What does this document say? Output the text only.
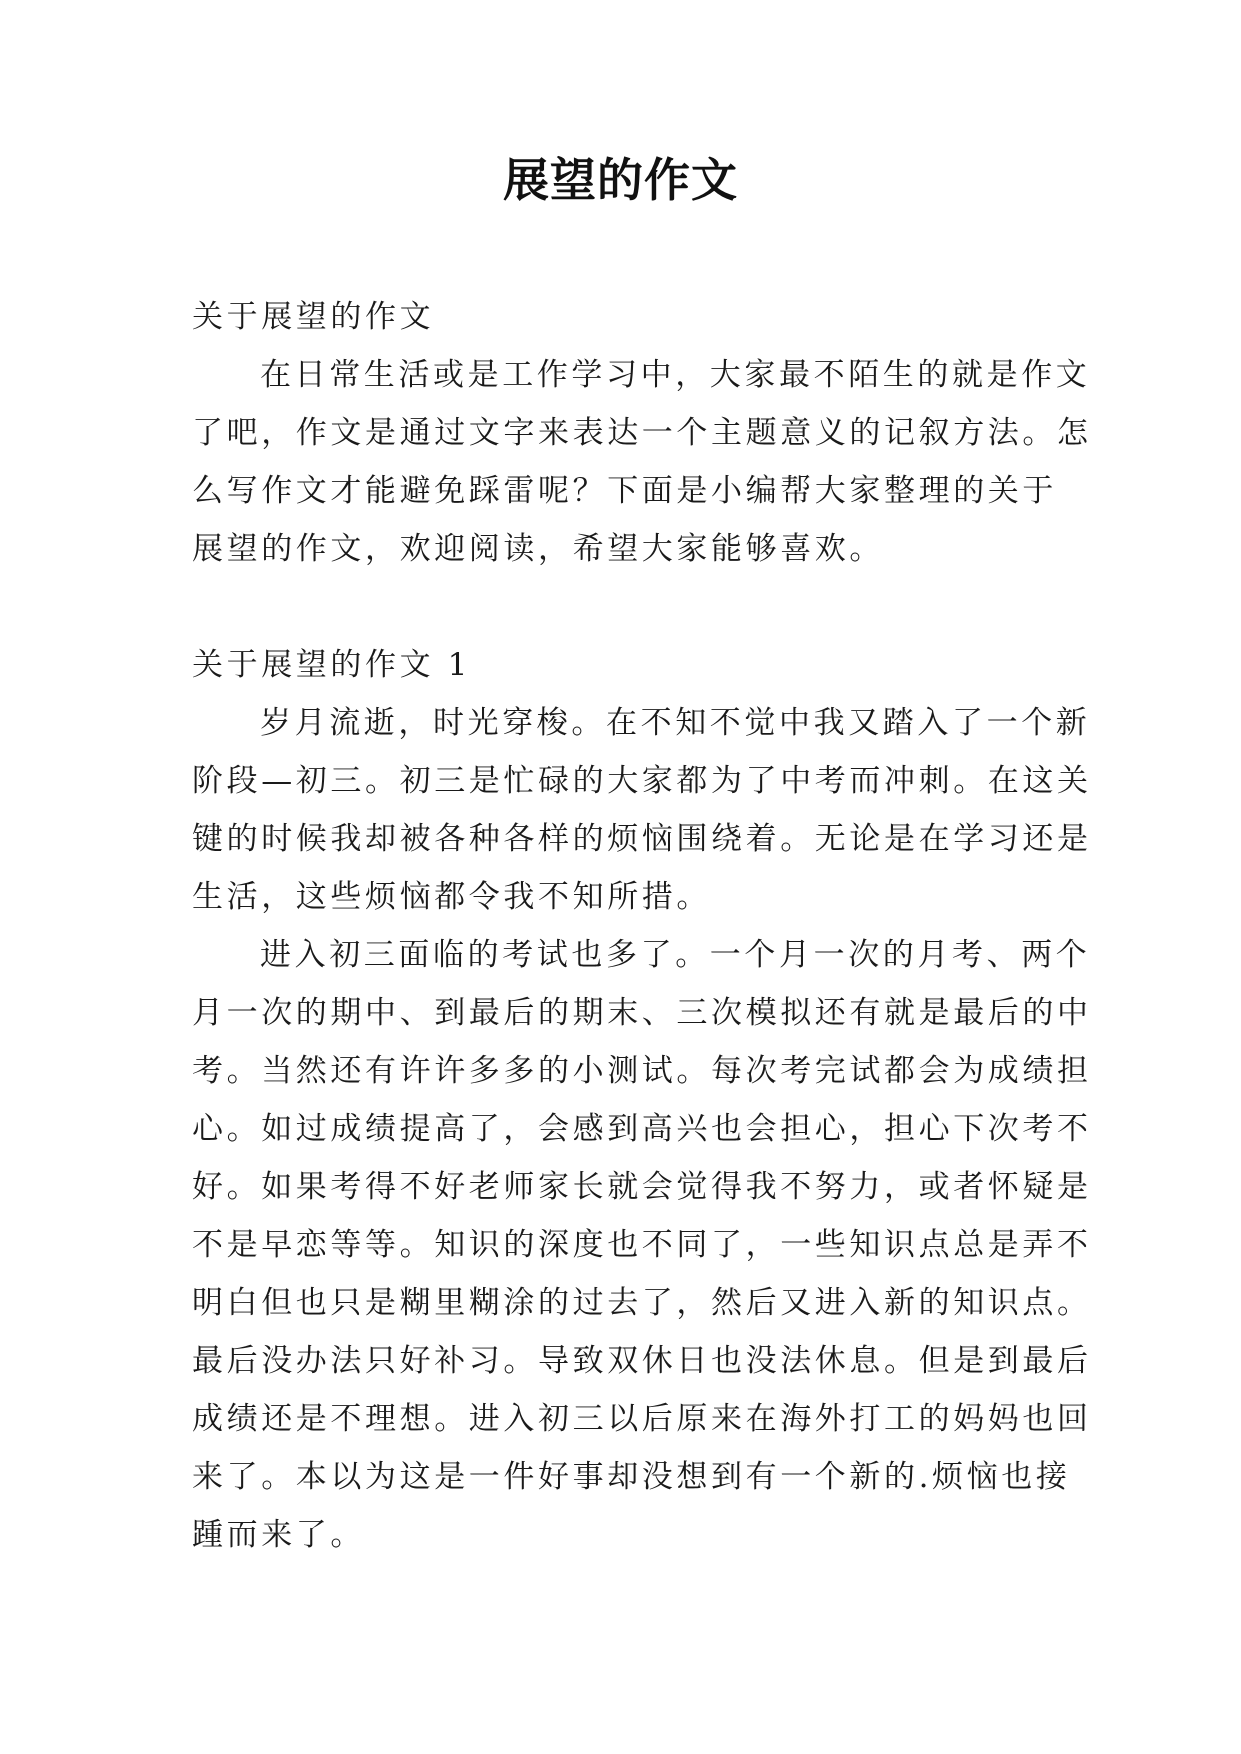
展望的作文
关于展望的作文
在日常生活或是工作学习中，大家最不陌生的就是作文
了吧，作文是通过文字来表达一个主题意义的记叙方法。怎
么写作文才能避免踩雷呢？下面是小编帮大家整理的关于
展望的作文，欢迎阅读，希望大家能够喜欢。
关于展望的作文 1
岁月流逝，时光穿梭。在不知不觉中我又踏入了一个新
阶段—初三。初三是忙碌的大家都为了中考而冲刺。在这关
键的时候我却被各种各样的烦恼围绕着。无论是在学习还是
生活，这些烦恼都令我不知所措。
进入初三面临的考试也多了。一个月一次的月考、两个
月一次的期中、到最后的期末、三次模拟还有就是最后的中
考。当然还有许许多多的小测试。每次考完试都会为成绩担
心。如过成绩提高了，会感到高兴也会担心，担心下次考不
好。如果考得不好老师家长就会觉得我不努力，或者怀疑是
不是早恋等等。知识的深度也不同了，一些知识点总是弄不
明白但也只是糊里糊涂的过去了，然后又进入新的知识点。
最后没办法只好补习。导致双休日也没法休息。但是到最后
成绩还是不理想。进入初三以后原来在海外打工的妈妈也回
来了。本以为这是一件好事却没想到有一个新的.烦恼也接
踵而来了。
